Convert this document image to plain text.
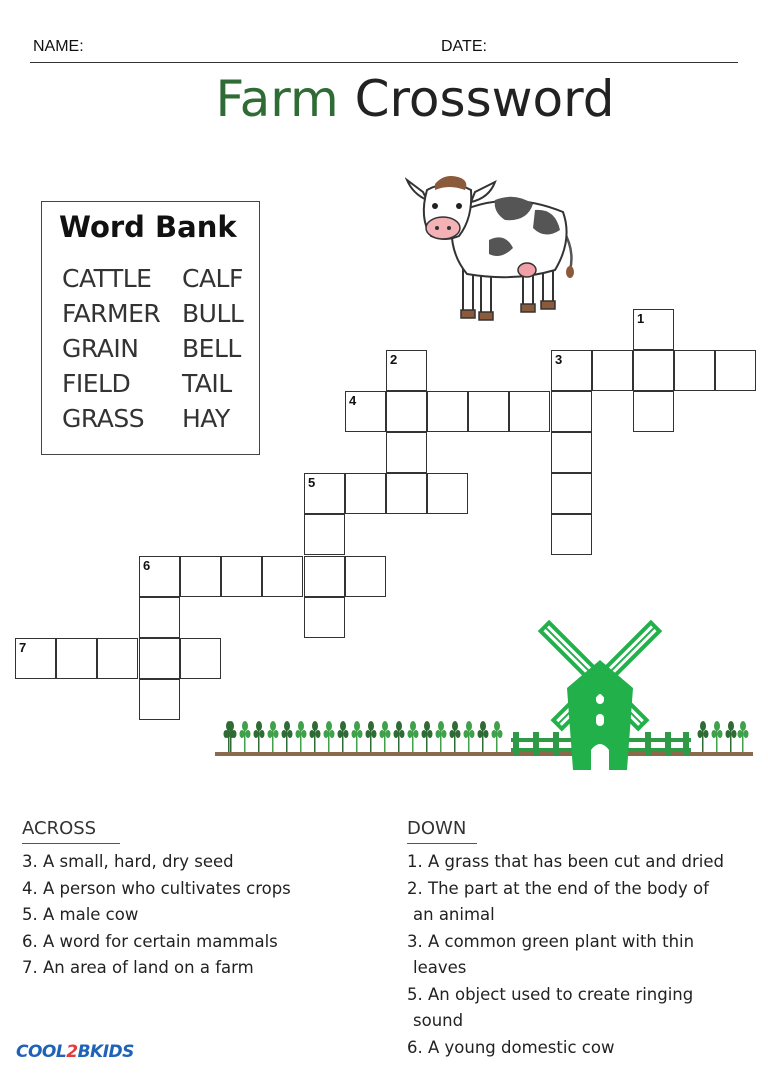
NAME:	DATE:
Farm Crossword
Word Bank
CATTLE
FARMER
GRAIN
FIELD
GRASS
CALF
BULL
BELL
TAIL
HAY
1
2	3
4
5
6
7
ACROSS
3. A small, hard, dry seed
4. A person who cultivates crops
5. A male cow
6. A word for certain mammals
7. An area of land on a farm
DOWN
1. A grass that has been cut and dried
2. The part at the end of the body of
an animal
3. A common green plant with thin
leaves
5. An object used to create ringing
sound
6. A young domestic cow
COOL2BKIDS
